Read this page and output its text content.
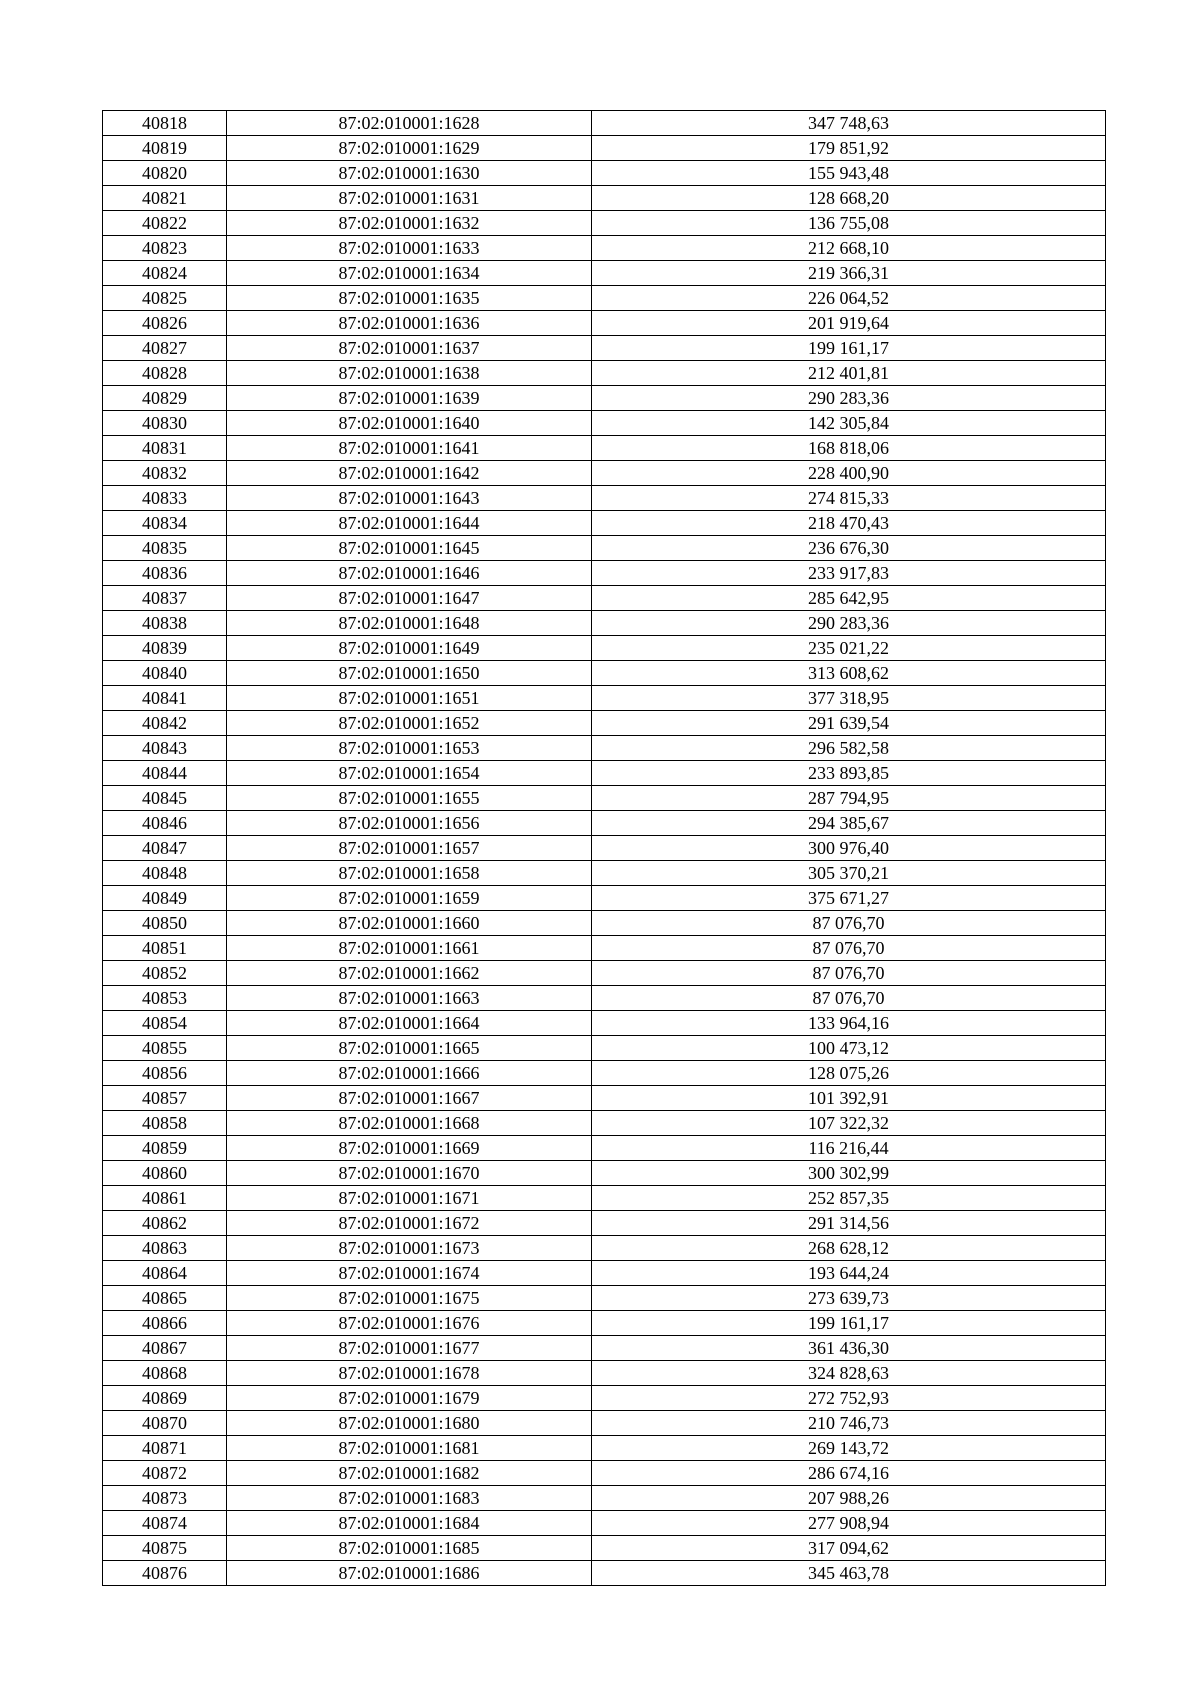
40818	87:02:010001:1628	347 748,63
40819	87:02:010001:1629	179 851,92
40820	87:02:010001:1630	155 943,48
40821	87:02:010001:1631	128 668,20
40822	87:02:010001:1632	136 755,08
40823	87:02:010001:1633	212 668,10
40824	87:02:010001:1634	219 366,31
40825	87:02:010001:1635	226 064,52
40826	87:02:010001:1636	201 919,64
40827	87:02:010001:1637	199 161,17
40828	87:02:010001:1638	212 401,81
40829	87:02:010001:1639	290 283,36
40830	87:02:010001:1640	142 305,84
40831	87:02:010001:1641	168 818,06
40832	87:02:010001:1642	228 400,90
40833	87:02:010001:1643	274 815,33
40834	87:02:010001:1644	218 470,43
40835	87:02:010001:1645	236 676,30
40836	87:02:010001:1646	233 917,83
40837	87:02:010001:1647	285 642,95
40838	87:02:010001:1648	290 283,36
40839	87:02:010001:1649	235 021,22
40840	87:02:010001:1650	313 608,62
40841	87:02:010001:1651	377 318,95
40842	87:02:010001:1652	291 639,54
40843	87:02:010001:1653	296 582,58
40844	87:02:010001:1654	233 893,85
40845	87:02:010001:1655	287 794,95
40846	87:02:010001:1656	294 385,67
40847	87:02:010001:1657	300 976,40
40848	87:02:010001:1658	305 370,21
40849	87:02:010001:1659	375 671,27
40850	87:02:010001:1660	87 076,70
40851	87:02:010001:1661	87 076,70
40852	87:02:010001:1662	87 076,70
40853	87:02:010001:1663	87 076,70
40854	87:02:010001:1664	133 964,16
40855	87:02:010001:1665	100 473,12
40856	87:02:010001:1666	128 075,26
40857	87:02:010001:1667	101 392,91
40858	87:02:010001:1668	107 322,32
40859	87:02:010001:1669	116 216,44
40860	87:02:010001:1670	300 302,99
40861	87:02:010001:1671	252 857,35
40862	87:02:010001:1672	291 314,56
40863	87:02:010001:1673	268 628,12
40864	87:02:010001:1674	193 644,24
40865	87:02:010001:1675	273 639,73
40866	87:02:010001:1676	199 161,17
40867	87:02:010001:1677	361 436,30
40868	87:02:010001:1678	324 828,63
40869	87:02:010001:1679	272 752,93
40870	87:02:010001:1680	210 746,73
40871	87:02:010001:1681	269 143,72
40872	87:02:010001:1682	286 674,16
40873	87:02:010001:1683	207 988,26
40874	87:02:010001:1684	277 908,94
40875	87:02:010001:1685	317 094,62
40876	87:02:010001:1686	345 463,78
